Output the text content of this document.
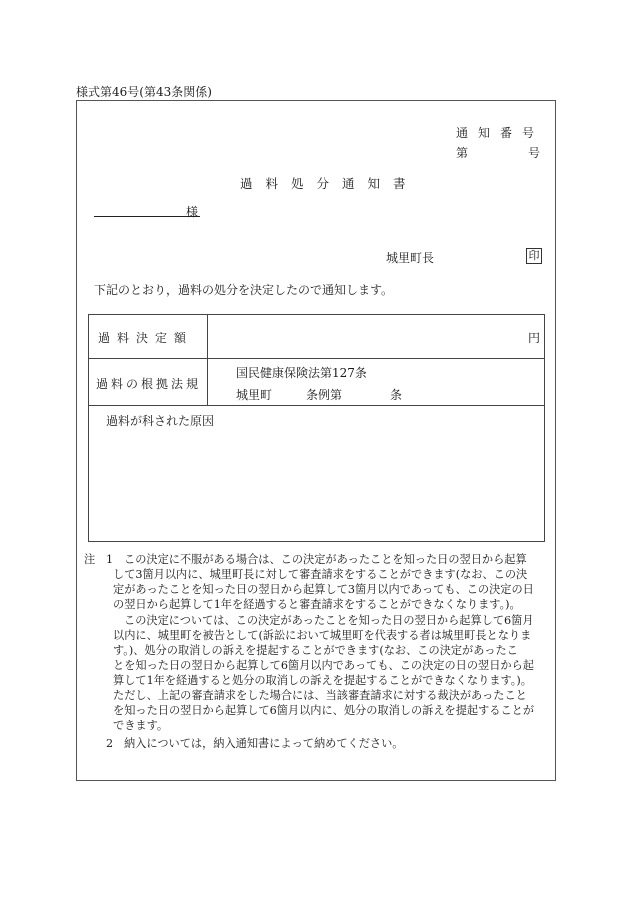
様式第46号(第43条関係)
通知番号
第	号
過料処分通知書
様
城里町長	印
下記のとおり，過料の処分を決定したので通知します。
過料決定額	円
過料の根拠法規
国民健康保険法第127条
城里町	条例第	条
過料が科された原因
注 1 この決定に不服がある場合は、この決定があったことを知った日の翌日から起算
して3箇月以内に、城里町長に対して審査請求をすることができます(なお、この決
定があったことを知った日の翌日から起算して3箇月以内であっても、この決定の日
の翌日から起算して1年を経過すると審査請求をすることができなくなります。)。
この決定については、この決定があったことを知った日の翌日から起算して6箇月
以内に、城里町を被告として(訴訟において城里町を代表する者は城里町長となりま
す。)、処分の取消しの訴えを提起することができます(なお、この決定があったこ
とを知った日の翌日から起算して6箇月以内であっても、この決定の日の翌日から起
算して1年を経過すると処分の取消しの訴えを提起することができなくなります。)。
ただし、上記の審査請求をした場合には、当該審査請求に対する裁決があったこと
を知った日の翌日から起算して6箇月以内に、処分の取消しの訴えを提起することが
できます。
2 納入については，納入通知書によって納めてください。
